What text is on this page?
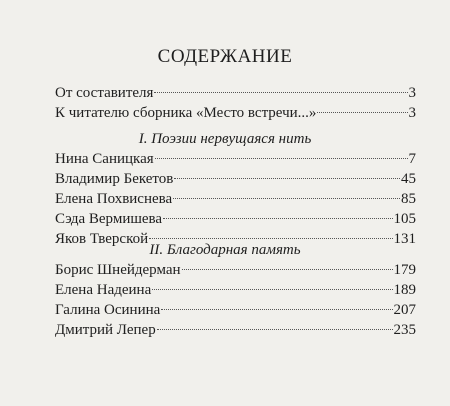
СОДЕРЖАНИЕ
От составителя	3
К читателю сборника «Место встречи...»	3
I. Поэзии нервущаяся нить
Нина Саницкая	7
Владимир Бекетов	45
Елена Похвиснева	85
Сэда Вермишева	105
Яков Тверской	131
II. Благодарная память
Борис Шнейдерман	179
Елена Надеина	189
Галина Осинина	207
Дмитрий Лепер	235
